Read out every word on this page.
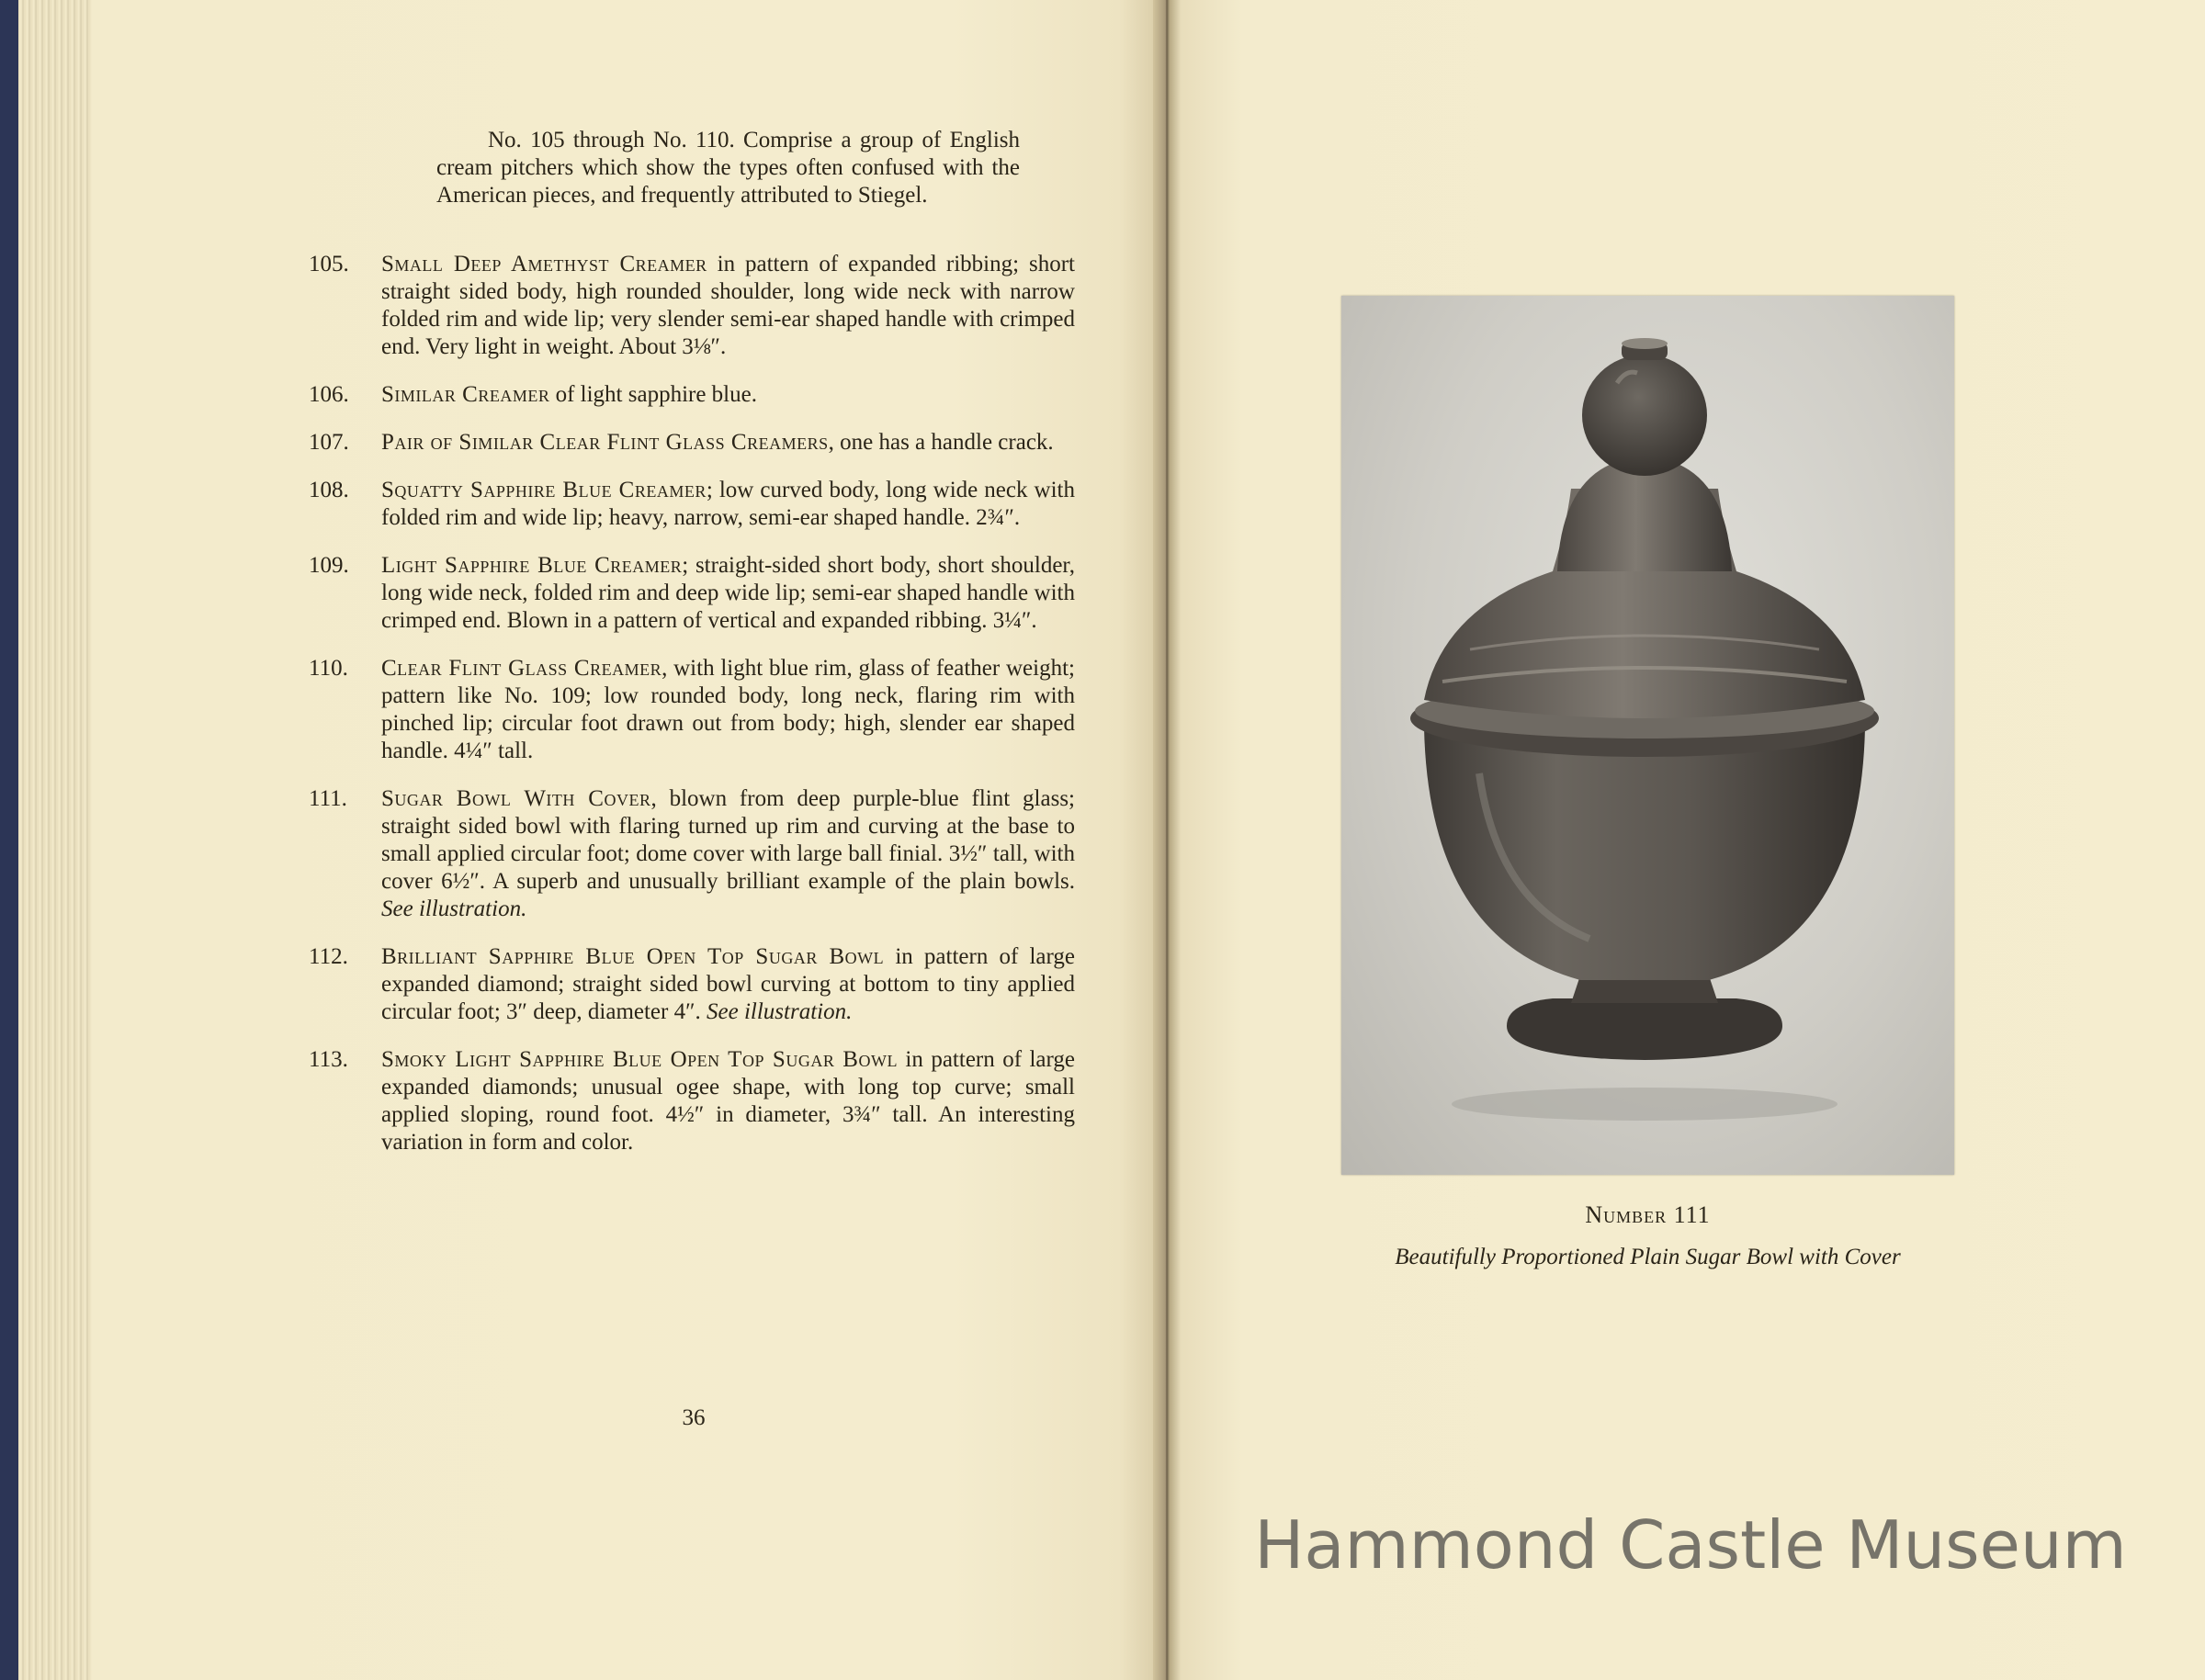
No. 105 through No. 110. Comprise a group of English cream pitchers which show the types often confused with the American pieces, and frequently attributed to Stiegel.

105.	Small Deep Amethyst Creamer in pattern of expanded ribbing; short straight sided body, high rounded shoulder, long wide neck with narrow folded rim and wide lip; very slender semi-ear shaped handle with crimped end. Very light in weight. About 3⅛″.
106.	Similar Creamer of light sapphire blue.
107.	Pair of Similar Clear Flint Glass Creamers, one has a handle crack.
108.	Squatty Sapphire Blue Creamer; low curved body, long wide neck with folded rim and wide lip; heavy, narrow, semi-ear shaped handle. 2¾″.
109.	Light Sapphire Blue Creamer; straight-sided short body, short shoulder, long wide neck, folded rim and deep wide lip; semi-ear shaped handle with crimped end. Blown in a pattern of vertical and expanded ribbing. 3¼″.
110.	Clear Flint Glass Creamer, with light blue rim, glass of feather weight; pattern like No. 109; low rounded body, long neck, flaring rim with pinched lip; circular foot drawn out from body; high, slender ear shaped handle. 4¼″ tall.
111.	Sugar Bowl With Cover, blown from deep purple-blue flint glass; straight sided bowl with flaring turned up rim and curving at the base to small applied circular foot; dome cover with large ball finial. 3½″ tall, with cover 6½″. A superb and unusually brilliant example of the plain bowls. See illustration.
112.	Brilliant Sapphire Blue Open Top Sugar Bowl in pattern of large expanded diamond; straight sided bowl curving at bottom to tiny applied circular foot; 3″ deep, diameter 4″. See illustration.
113.	Smoky Light Sapphire Blue Open Top Sugar Bowl in pattern of large expanded diamonds; unusual ogee shape, with long top curve; small applied sloping, round foot. 4½″ in diameter, 3¾″ tall. An interesting variation in form and color.
36
Number 111
Beautifully Proportioned Plain Sugar Bowl with Cover
Hammond Castle Museum
